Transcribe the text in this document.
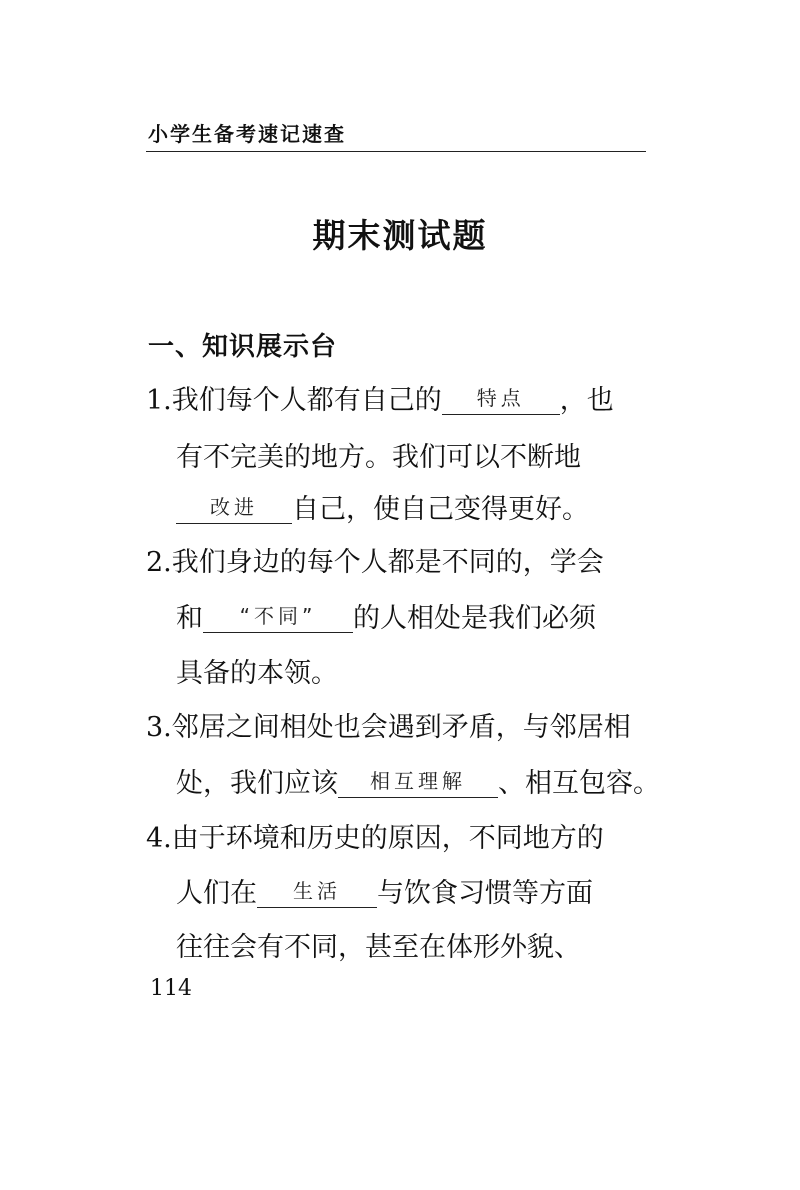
小学生备考速记速查
期末测试题
一、知识展示台
1.我们每个人都有自己的 特点 ，也
有不完美的地方。我们可以不断地
改进 自己，使自己变得更好。
2.我们身边的每个人都是不同的，学会
和 “不同” 的人相处是我们必须
具备的本领。
3.邻居之间相处也会遇到矛盾，与邻居相
处，我们应该 相互理解 、相互包容。
4.由于环境和历史的原因，不同地方的
人们在 生活 与饮食习惯等方面
往往会有不同，甚至在体形外貌、
114
